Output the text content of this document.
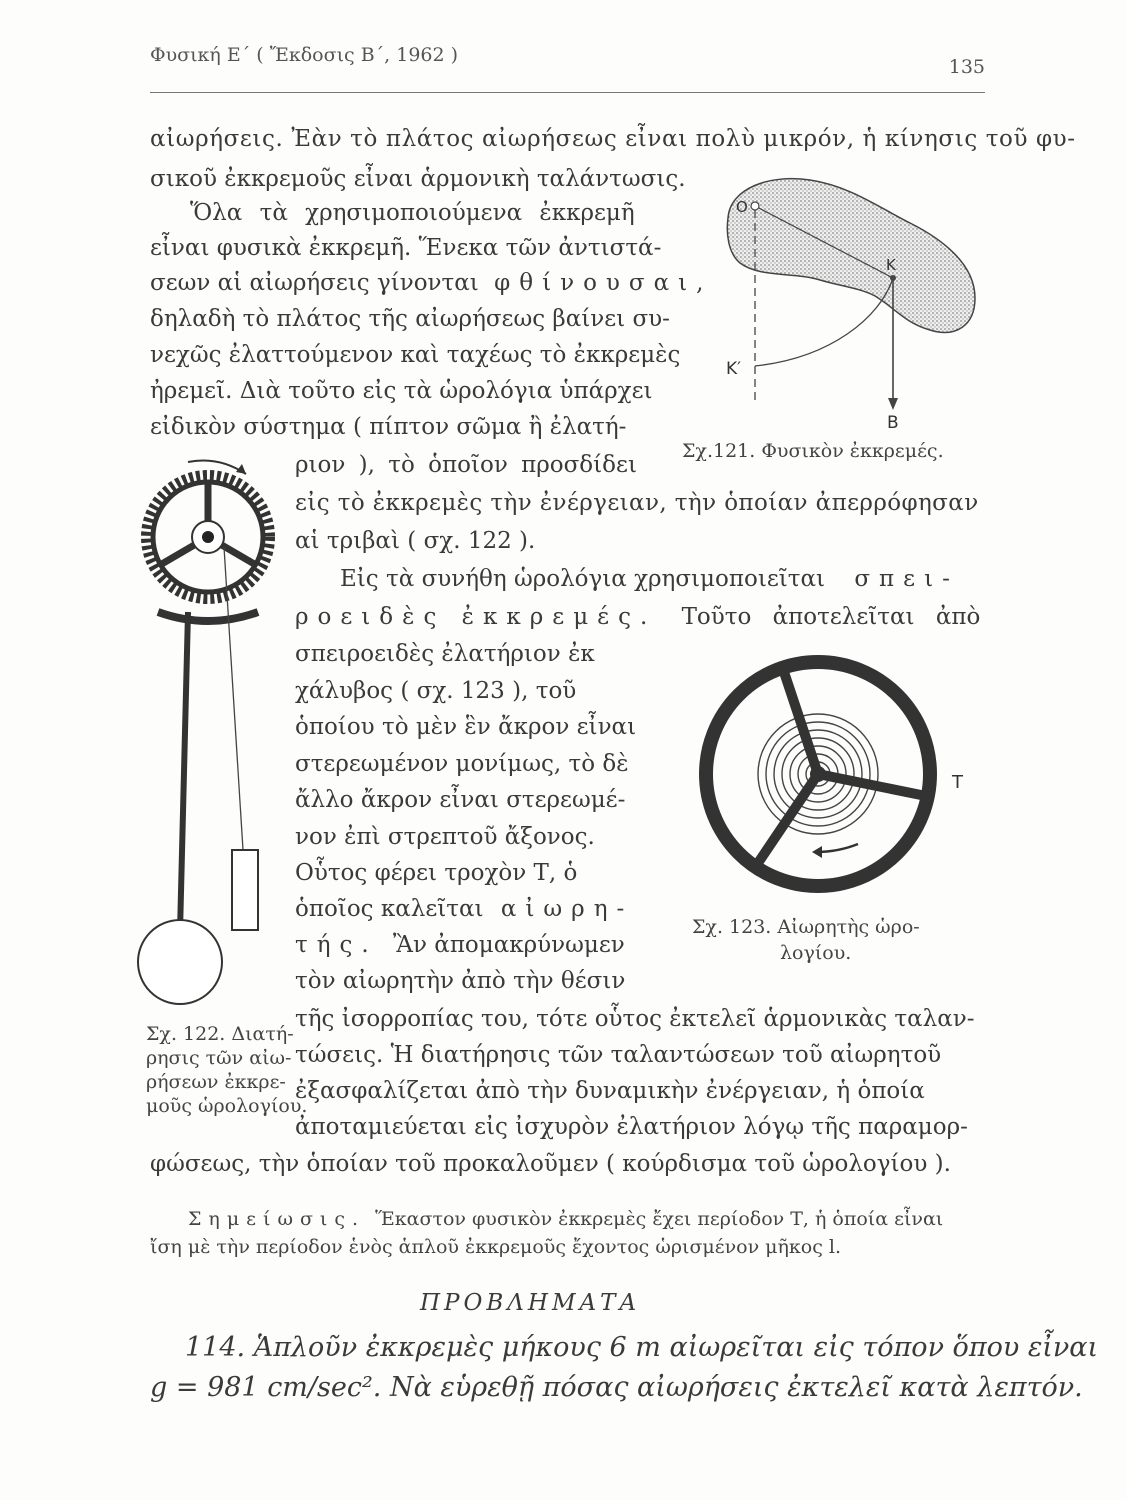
Φυσική Ε΄ ( Ἔκδοσις Β΄, 1962 )
135
αἰωρήσεις. Ἐὰν τὸ πλάτος αἰωρήσεως εἶναι πολὺ μικρόν, ἡ κίνησις τοῦ φυ-
σικοῦ ἐκκρεμοῦς εἶναι ἁρμονικὴ ταλάντωσις.
Ὅλα τὰ χρησιμοποιούμενα ἐκκρεμῆ
εἶναι φυσικὰ ἐκκρεμῆ. Ἕνεκα τῶν ἀντιστά-
σεων αἱ αἰωρήσεις γίνονται φθίνουσαι,
δηλαδὴ τὸ πλάτος τῆς αἰωρήσεως βαίνει συ-
νεχῶς ἐλαττούμενον καὶ ταχέως τὸ ἐκκρεμὲς
ἠρεμεῖ. Διὰ τοῦτο εἰς τὰ ὡρολόγια ὑπάρχει
εἰδικὸν σύστημα ( πίπτον σῶμα ἢ ἐλατή-
ριον ), τὸ ὁποῖον προσδίδει
εἰς τὸ ἐκκρεμὲς τὴν ἐνέργειαν, τὴν ὁποίαν ἀπερρόφησαν
αἱ τριβαὶ ( σχ. 122 ).
Εἰς τὰ συνήθη ὡρολόγια χρησιμοποιεῖται σπει-
ροειδὲς ἐκκρεμές. Τοῦτο ἀποτελεῖται ἀπὸ
σπειροειδὲς ἐλατήριον ἐκ
χάλυβος ( σχ. 123 ), τοῦ
ὁποίου τὸ μὲν ἓν ἄκρον εἶναι
στερεωμένον μονίμως, τὸ δὲ
ἄλλο ἄκρον εἶναι στερεωμέ-
νον ἐπὶ στρεπτοῦ ἄξονος.
Οὗτος φέρει τροχὸν Τ, ὁ
ὁποῖος καλεῖται αἰωρη-
τής. Ἂν ἀπομακρύνωμεν
τὸν αἰωρητὴν ἀπὸ τὴν θέσιν
τῆς ἰσορροπίας του, τότε οὗτος ἐκτελεῖ ἁρμονικὰς ταλαν-
τώσεις. Ἡ διατήρησις τῶν ταλαντώσεων τοῦ αἰωρητοῦ
ἐξασφαλίζεται ἀπὸ τὴν δυναμικὴν ἐνέργειαν, ἡ ὁποία
ἀποταμιεύεται εἰς ἰσχυρὸν ἐλατήριον λόγῳ τῆς παραμορ-
φώσεως, τὴν ὁποίαν τοῦ προκαλοῦμεν ( κούρδισμα τοῦ ὡρολογίου ).
O
K
K′
B
Σχ.121. Φυσικὸν ἐκκρεμές.
Σχ. 122. Διατή-
ρησις τῶν αἰω-
ρήσεων ἐκκρε-
μοῦς ὡρολογίου.
T
Σχ. 123. Αἰωρητὴς ὡρο-
λογίου.
Σημείωσις. Ἕκαστον φυσικὸν ἐκκρεμὲς ἔχει περίοδον Τ, ἡ ὁποία εἶναι
ἴση μὲ τὴν περίοδον ἑνὸς ἁπλοῦ ἐκκρεμοῦς ἔχοντος ὡρισμένον μῆκος l.
ΠΡΟΒΛΗΜΑΤΑ
114. Ἁπλοῦν ἐκκρεμὲς μήκους 6 m αἰωρεῖται εἰς τόπον ὅπου εἶναι
g = 981 cm/sec². Νὰ εὑρεθῇ πόσας αἰωρήσεις ἐκτελεῖ κατὰ λεπτόν.
